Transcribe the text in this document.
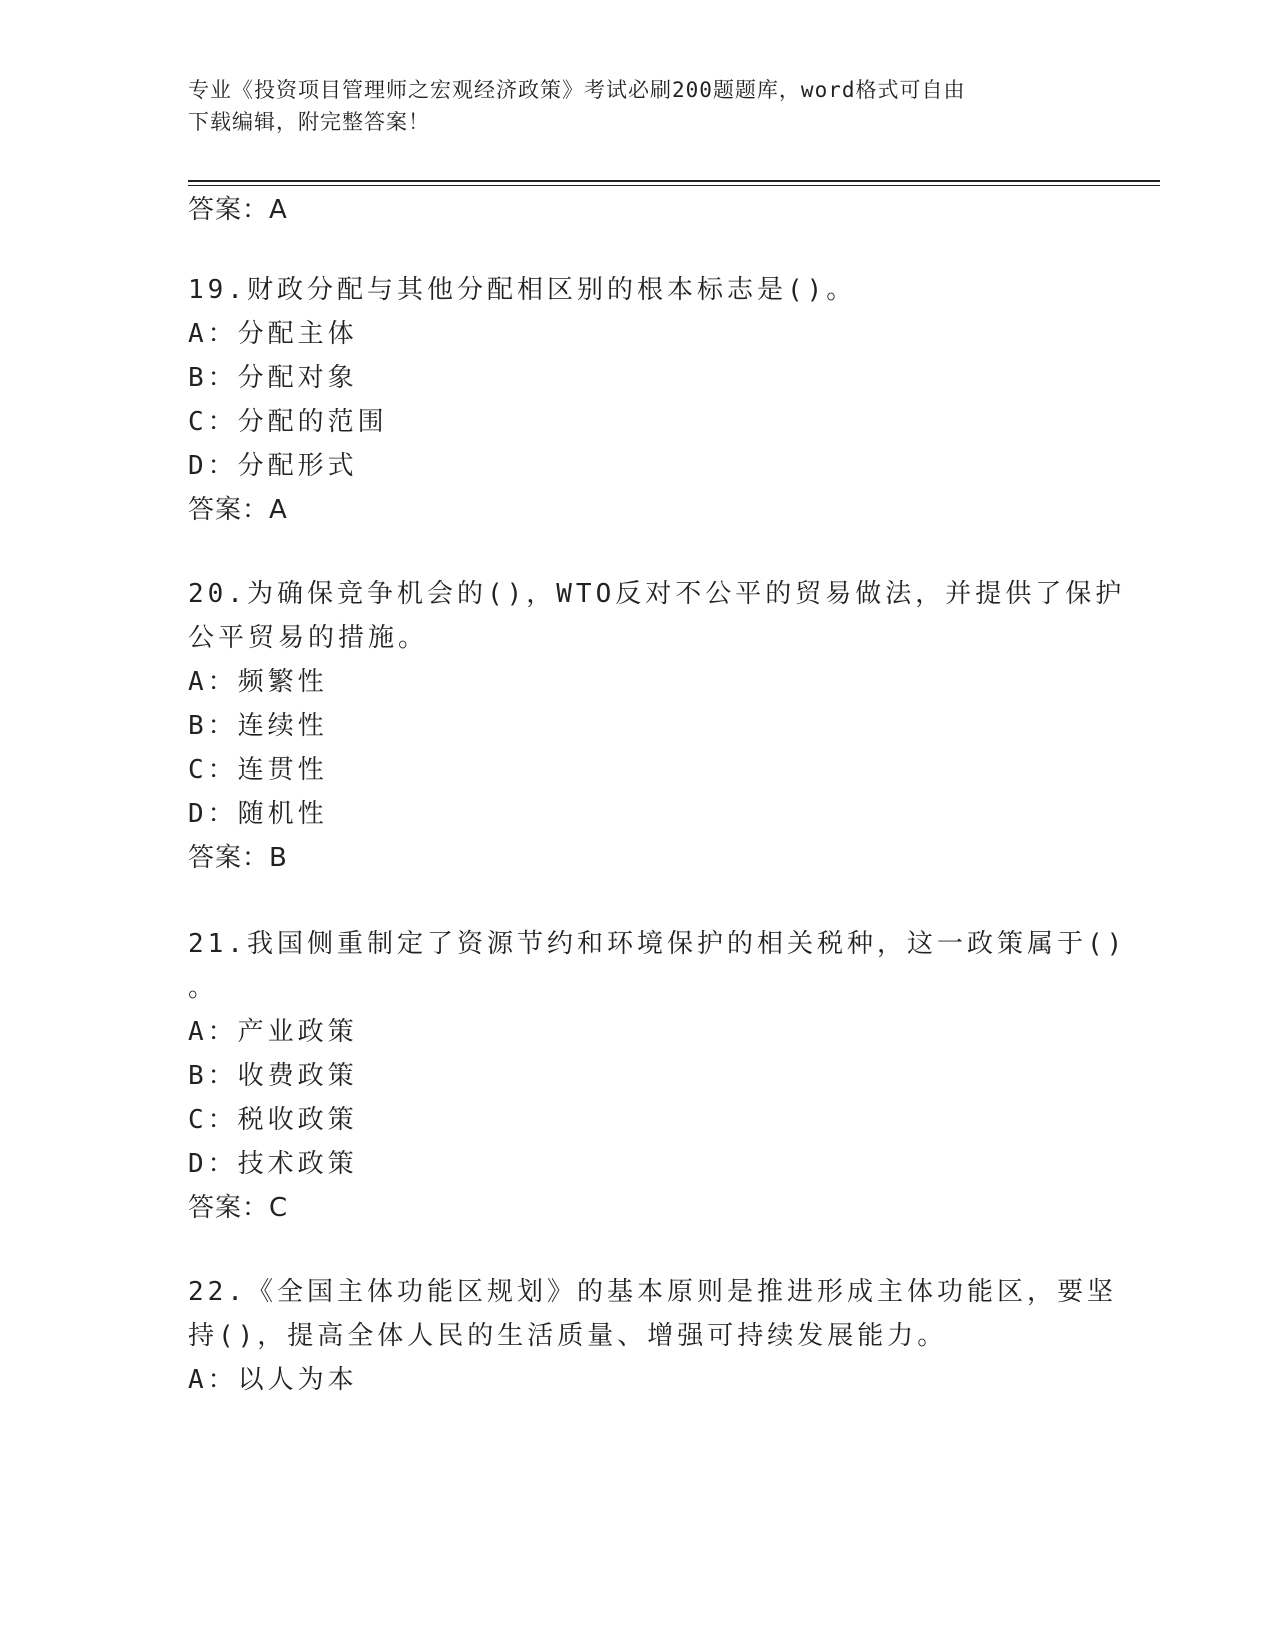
专业《投资项目管理师之宏观经济政策》考试必刷200题题库，word格式可自由
下载编辑，附完整答案！
答案：A
19.财政分配与其他分配相区别的根本标志是()。
A：分配主体
B：分配对象
C：分配的范围
D：分配形式
答案：A
20.为确保竞争机会的()，WTO反对不公平的贸易做法，并提供了保护
公平贸易的措施。
A：频繁性
B：连续性
C：连贯性
D：随机性
答案：B
21.我国侧重制定了资源节约和环境保护的相关税种，这一政策属于()
。
A：产业政策
B：收费政策
C：税收政策
D：技术政策
答案：C
22.《全国主体功能区规划》的基本原则是推进形成主体功能区，要坚
持()，提高全体人民的生活质量、增强可持续发展能力。
A：以人为本
